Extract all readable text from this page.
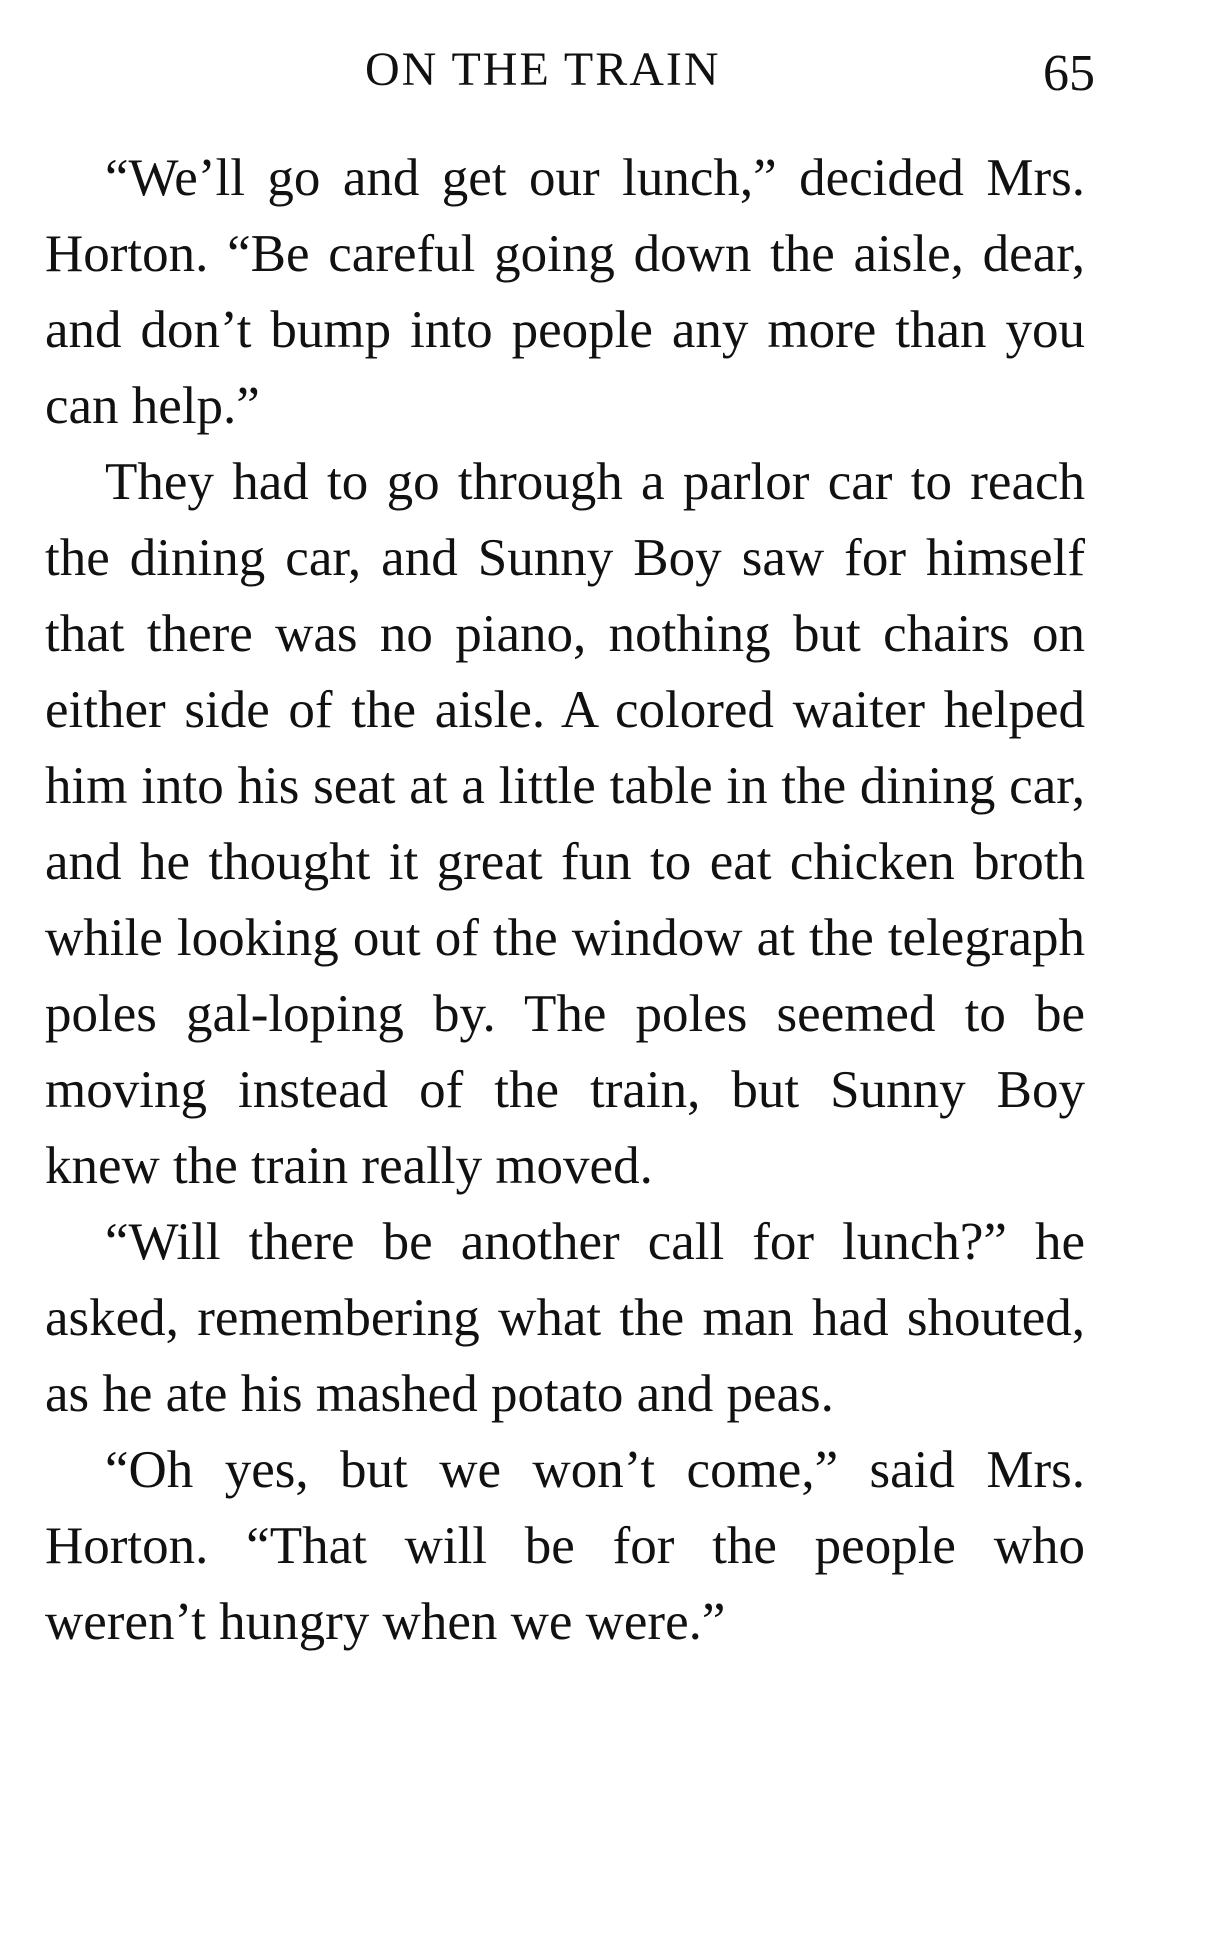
ON THE TRAIN	65

“We’ll go and get our lunch,” decided Mrs. Horton. “Be careful going down the aisle, dear, and don’t bump into people any more than you can help.”

They had to go through a parlor car to reach the dining car, and Sunny Boy saw for himself that there was no piano, nothing but chairs on either side of the aisle. A colored waiter helped him into his seat at a little table in the dining car, and he thought it great fun to eat chicken broth while looking out of the window at the telegraph poles gal-loping by. The poles seemed to be moving instead of the train, but Sunny Boy knew the train really moved.

“Will there be another call for lunch?” he asked, remembering what the man had shouted, as he ate his mashed potato and peas.

“Oh yes, but we won’t come,” said Mrs. Horton. “That will be for the people who weren’t hungry when we were.”
